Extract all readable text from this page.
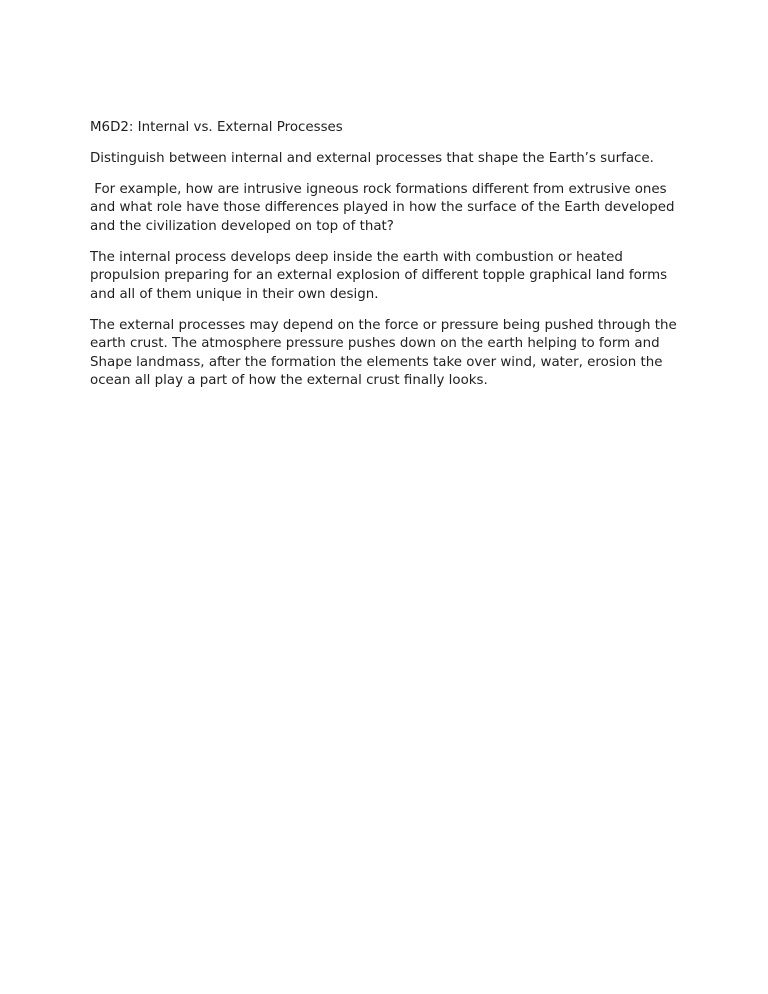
M6D2: Internal vs. External Processes

Distinguish between internal and external processes that shape the Earth’s surface.

For example, how are intrusive igneous rock formations different from extrusive ones and what role have those differences played in how the surface of the Earth developed and the civilization developed on top of that?

The internal process develops deep inside the earth with combustion or heated propulsion preparing for an external explosion of different topple graphical land forms and all of them unique in their own design.

The external processes may depend on the force or pressure being pushed through the earth crust. The atmosphere pressure pushes down on the earth helping to form and Shape landmass, after the formation the elements take over wind, water, erosion the ocean all play a part of how the external crust finally looks.
